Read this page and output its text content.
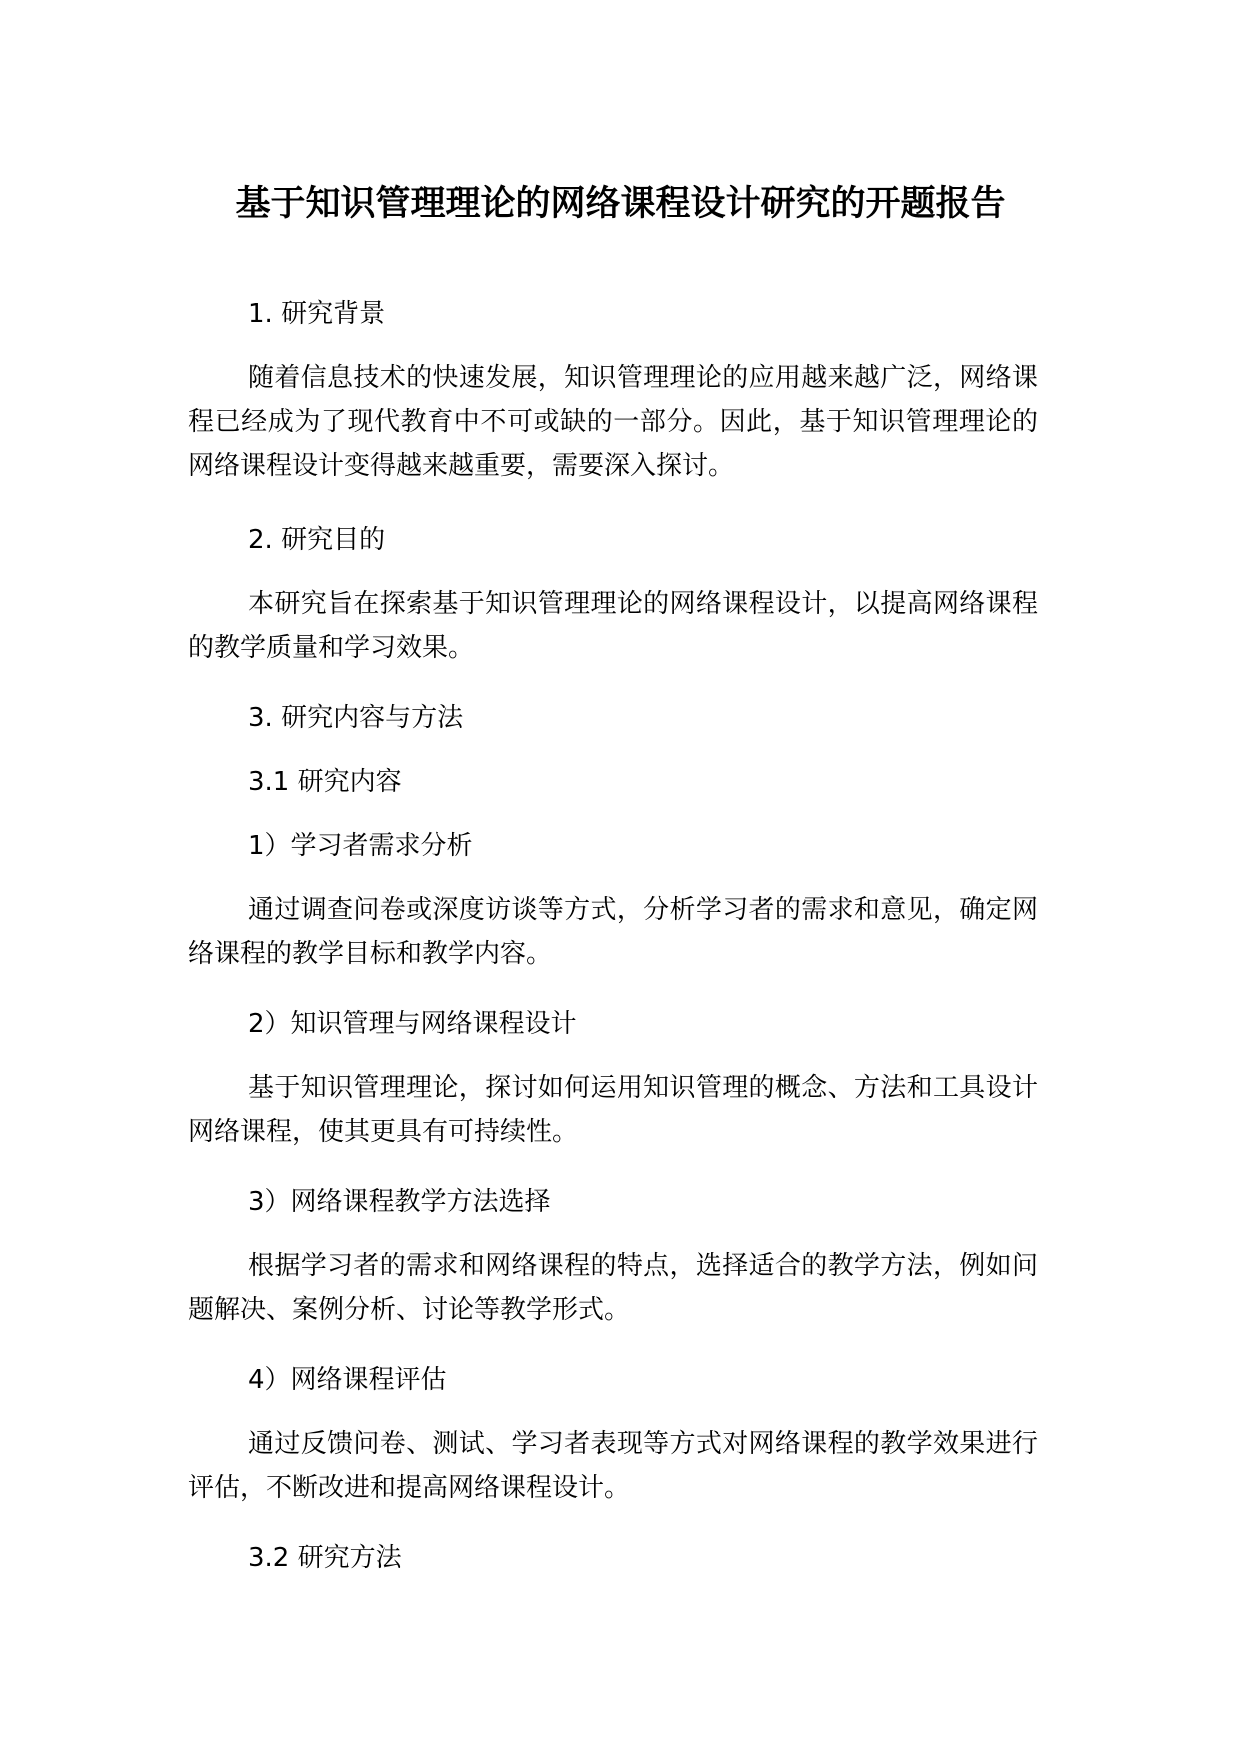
基于知识管理理论的网络课程设计研究的开题报告

1. 研究背景

随着信息技术的快速发展，知识管理理论的应用越来越广泛，网络课程已经成为了现代教育中不可或缺的一部分。因此，基于知识管理理论的网络课程设计变得越来越重要，需要深入探讨。

2. 研究目的

本研究旨在探索基于知识管理理论的网络课程设计，以提高网络课程的教学质量和学习效果。

3. 研究内容与方法

3.1 研究内容

1）学习者需求分析

通过调查问卷或深度访谈等方式，分析学习者的需求和意见，确定网络课程的教学目标和教学内容。

2）知识管理与网络课程设计

基于知识管理理论，探讨如何运用知识管理的概念、方法和工具设计网络课程，使其更具有可持续性。

3）网络课程教学方法选择

根据学习者的需求和网络课程的特点，选择适合的教学方法，例如问题解决、案例分析、讨论等教学形式。

4）网络课程评估

通过反馈问卷、测试、学习者表现等方式对网络课程的教学效果进行评估，不断改进和提高网络课程设计。

3.2 研究方法
